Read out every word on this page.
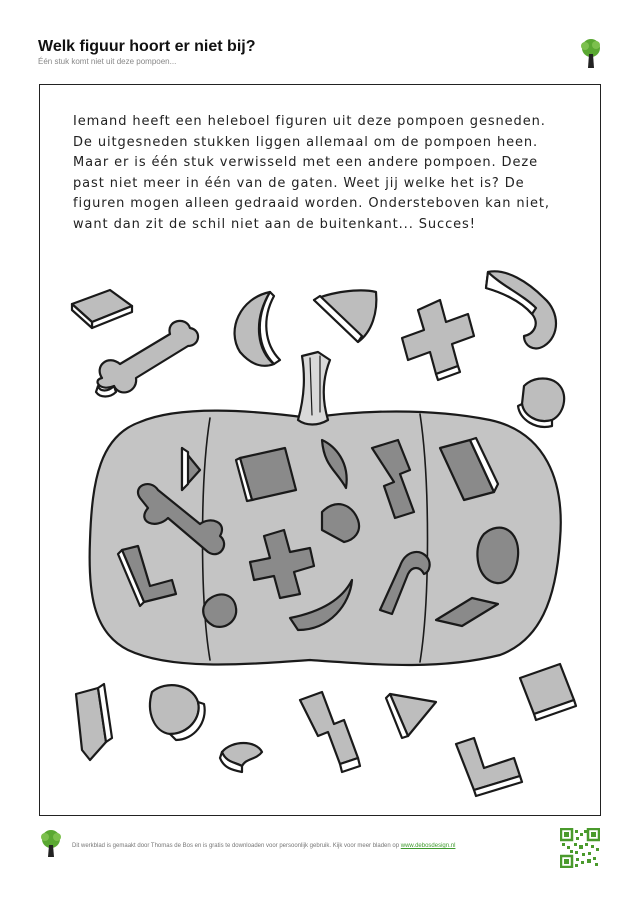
Welk figuur hoort er niet bij?
Één stuk komt niet uit deze pompoen...
Iemand heeft een heleboel figuren uit deze pompoen gesneden.
De uitgesneden stukken liggen allemaal om de pompoen heen.
Maar er is één stuk verwisseld met een andere pompoen. Deze
past niet meer in één van de gaten. Weet jij welke het is? De
figuren mogen alleen gedraaid worden. Ondersteboven kan niet,
want dan zit de schil niet aan de buitenkant... Succes!
Dit werkblad is gemaakt door Thomas de Bos en is gratis te downloaden voor persoonlijk gebruik. Kijk voor meer bladen op www.debosdesign.nl
